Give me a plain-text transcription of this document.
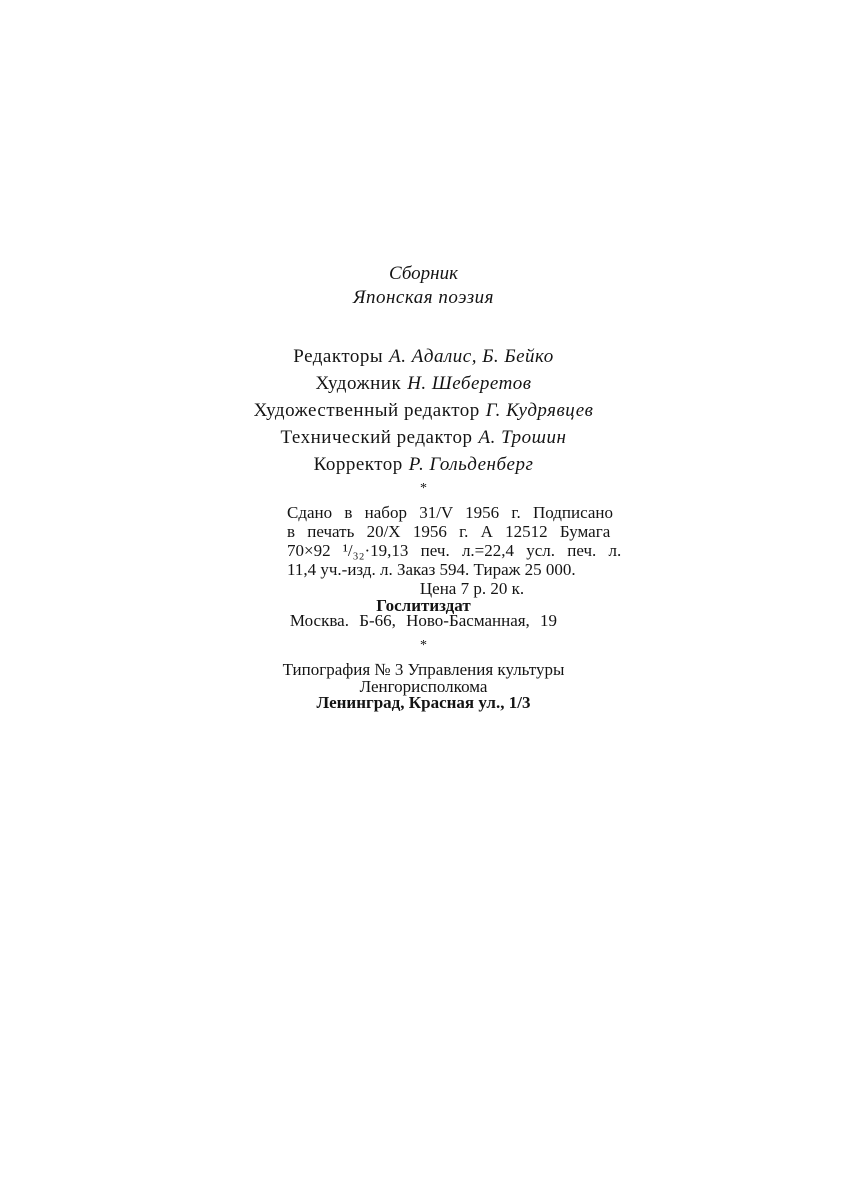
Сборник
Японская поэзия
Редакторы А. Адалис, Б. Бейко
Художник Н. Шеберетов
Художественный редактор Г. Кудрявцев
Технический редактор А. Трошин
Корректор Р. Гольденберг
*
Сдано в набор 31/V 1956 г. Подписано
в печать 20/X 1956 г. А 12512 Бумага
70×92 ¹/₃₂·19,13 печ. л.=22,4 усл. печ. л.
11,4 уч.-изд. л. Заказ 594. Тираж 25 000.
Цена 7 р. 20 к.
Гослитиздат
Москва. Б-66, Ново-Басманная, 19
*
Типография № 3 Управления культуры
Ленгорисполкома
Ленинград, Красная ул., 1/3
